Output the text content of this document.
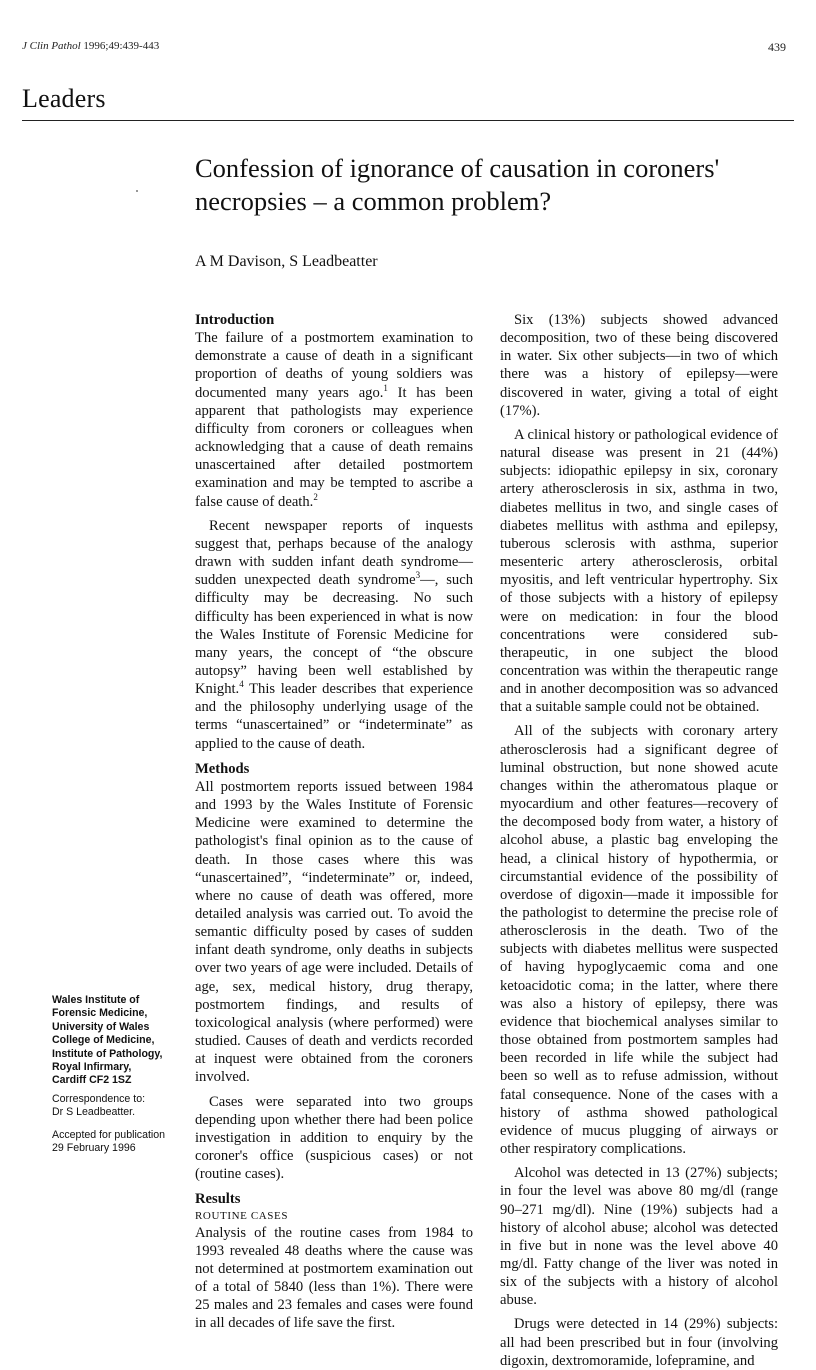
J Clin Pathol 1996;49:439-443	439
Leaders
Confession of ignorance of causation in coroners' necropsies – a common problem?
A M Davison, S Leadbeatter
Introduction

The failure of a postmortem examination to demonstrate a cause of death in a significant proportion of deaths of young soldiers was documented many years ago.$^1$ It has been apparent that pathologists may experience difficulty from coroners or colleagues when acknowledging that a cause of death remains unascertained after detailed postmortem examination and may be tempted to ascribe a false cause of death.$^2$

Recent newspaper reports of inquests suggest that, perhaps because of the analogy drawn with sudden infant death syndrome—sudden unexpected death syndrome$^3$—, such difficulty may be decreasing. No such difficulty has been experienced in what is now the Wales Institute of Forensic Medicine for many years, the concept of “the obscure autopsy” having been well established by Knight.$^4$ This leader describes that experience and the philosophy underlying usage of the terms “unascertained” or “indeterminate” as applied to the cause of death.

Methods

All postmortem reports issued between 1984 and 1993 by the Wales Institute of Forensic Medicine were examined to determine the pathologist's final opinion as to the cause of death. In those cases where this was “unascertained”, “indeterminate” or, indeed, where no cause of death was offered, more detailed analysis was carried out. To avoid the semantic difficulty posed by cases of sudden infant death syndrome, only deaths in subjects over two years of age were included. Details of age, sex, medical history, drug therapy, postmortem findings, and results of toxicological analysis (where performed) were studied. Causes of death and verdicts recorded at inquest were obtained from the coroners involved.

Cases were separated into two groups depending upon whether there had been police investigation in addition to enquiry by the coroner's office (suspicious cases) or not (routine cases).

Results
ROUTINE CASES

Analysis of the routine cases from 1984 to 1993 revealed 48 deaths where the cause was not determined at postmortem examination out of a total of 5840 (less than 1%). There were 25 males and 23 females and cases were found in all decades of life save the first.

Six (13%) subjects showed advanced decomposition, two of these being discovered in water. Six other subjects—in two of which there was a history of epilepsy—were discovered in water, giving a total of eight (17%).

A clinical history or pathological evidence of natural disease was present in 21 (44%) subjects: idiopathic epilepsy in six, coronary artery atherosclerosis in six, asthma in two, diabetes mellitus in two, and single cases of diabetes mellitus with asthma and epilepsy, tuberous sclerosis with asthma, superior mesenteric artery atherosclerosis, orbital myositis, and left ventricular hypertrophy. Six of those subjects with a history of epilepsy were on medication: in four the blood concentrations were considered sub-therapeutic, in one subject the blood concentration was within the therapeutic range and in another decomposition was so advanced that a suitable sample could not be obtained.

All of the subjects with coronary artery atherosclerosis had a significant degree of luminal obstruction, but none showed acute changes within the atheromatous plaque or myocardium and other features—recovery of the decomposed body from water, a history of alcohol abuse, a plastic bag enveloping the head, a clinical history of hypothermia, or circumstantial evidence of the possibility of overdose of digoxin—made it impossible for the pathologist to determine the precise role of atherosclerosis in the death. Two of the subjects with diabetes mellitus were suspected of having hypoglycaemic coma and one ketoacidotic coma; in the latter, where there was also a history of epilepsy, there was evidence that biochemical analyses similar to those obtained from postmortem samples had been recorded in life while the subject had been so well as to refuse admission, without fatal consequence. None of the cases with a history of asthma showed pathological evidence of mucus plugging of airways or other respiratory complications.

Alcohol was detected in 13 (27%) subjects; in four the level was above 80 mg/dl (range 90–271 mg/dl). Nine (19%) subjects had a history of alcohol abuse; alcohol was detected in five but in none was the level above 40 mg/dl. Fatty change of the liver was noted in six of the subjects with a history of alcohol abuse.

Drugs were detected in 14 (29%) subjects: all had been prescribed but in four (involving digoxin, dextromoramide, lofepramine, and

Wales Institute of
Forensic Medicine,
University of Wales
College of Medicine,
Institute of Pathology,
Royal Infirmary,
Cardiff CF2 1SZ
Correspondence to:
Dr S Leadbeatter.
Accepted for publication
29 February 1996
